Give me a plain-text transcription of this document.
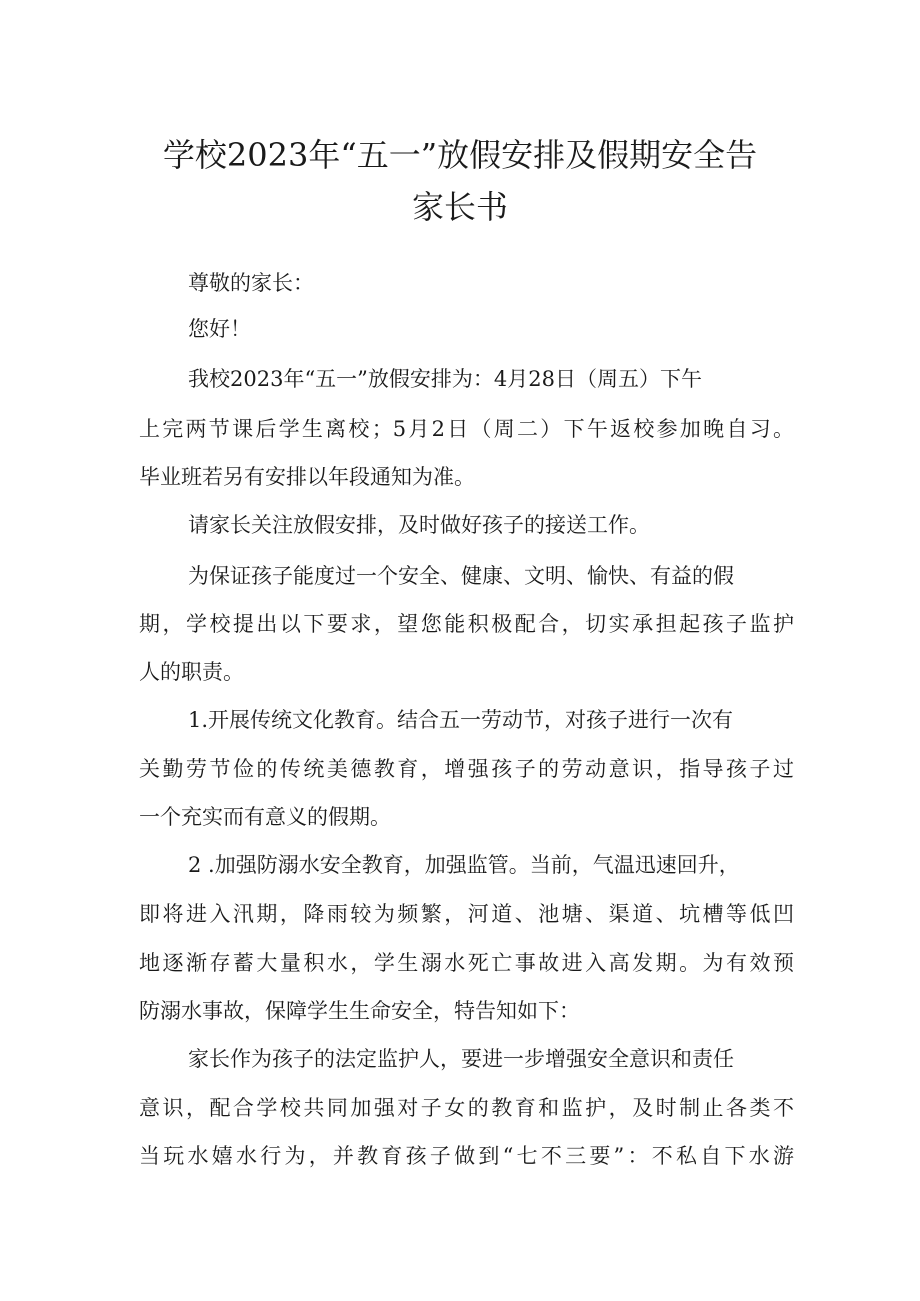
学校2023年“五一”放假安排及假期安全告
家长书

尊敬的家长：

您好！

我校2023年“五一”放假安排为：4月28日（周五）下午

上完两节课后学生离校；5月2日（周二）下午返校参加晚自习。

毕业班若另有安排以年段通知为准。

请家长关注放假安排，及时做好孩子的接送工作。

为保证孩子能度过一个安全、健康、文明、愉快、有益的假

期，学校提出以下要求，望您能积极配合，切实承担起孩子监护

人的职责。

1.开展传统文化教育。结合五一劳动节，对孩子进行一次有

关勤劳节俭的传统美德教育，增强孩子的劳动意识，指导孩子过

一个充实而有意义的假期。

2 .加强防溺水安全教育，加强监管。当前，气温迅速回升，

即将进入汛期，降雨较为频繁，河道、池塘、渠道、坑槽等低凹

地逐渐存蓄大量积水，学生溺水死亡事故进入高发期。为有效预

防溺水事故，保障学生生命安全，特告知如下：

家长作为孩子的法定监护人，要进一步增强安全意识和责任

意识，配合学校共同加强对子女的教育和监护，及时制止各类不

当玩水嬉水行为，并教育孩子做到“七不三要”：不私自下水游
